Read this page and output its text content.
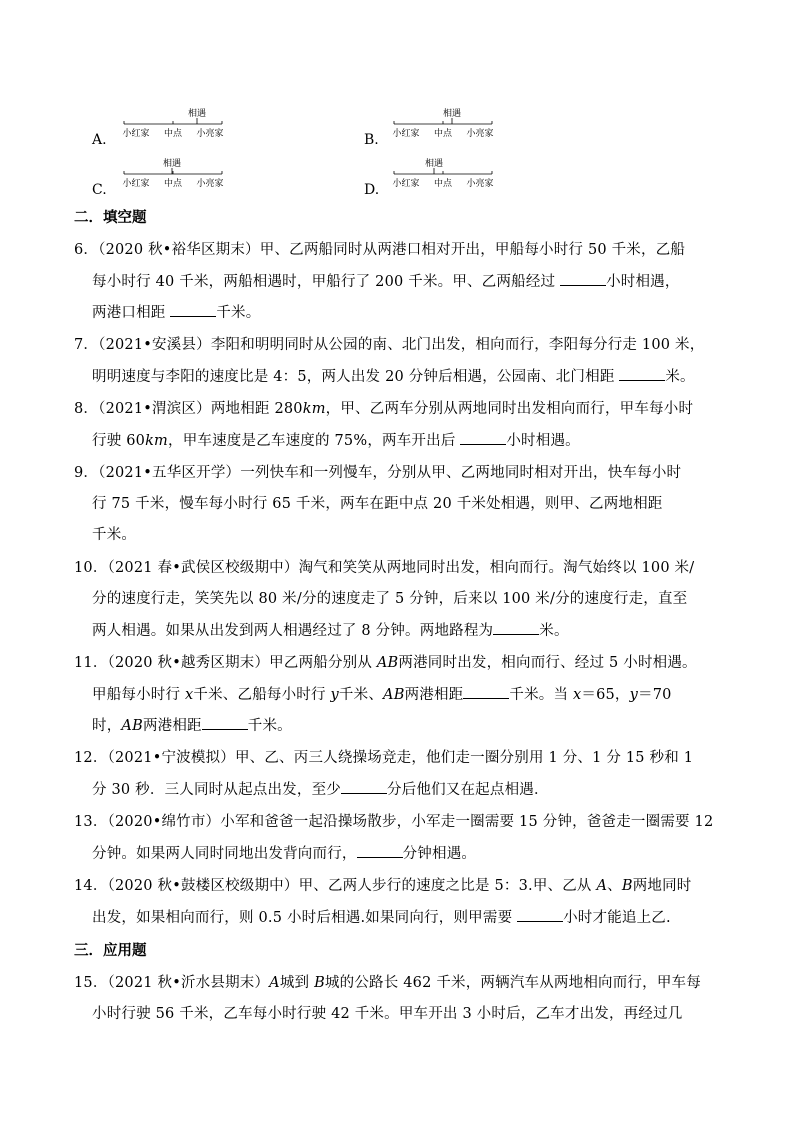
相遇
小红家 中点 小亮家
A.
相遇
小红家 中点 小亮家
B.
相遇
小红家 中点 小亮家
C.
相遇
小红家 中点 小亮家
D.
二．填空题
6．（2020 秋•裕华区期末）甲、乙两船同时从两港口相对开出，甲船每小时行 50 千米，乙船
每小时行 40 千米，两船相遇时，甲船行了 200 千米。甲、乙两船经过	小时相遇，
两港口相距	千米。
7．（2021•安溪县）李阳和明明同时从公园的南、北门出发，相向而行，李阳每分行走 100 米，
明明速度与李阳的速度比是 4：5，两人出发 20 分钟后相遇，公园南、北门相距	米。
8．（2021•渭滨区）两地相距 280km，甲、乙两车分别从两地同时出发相向而行，甲车每小时
行驶 60km，甲车速度是乙车速度的 75%，两车开出后	小时相遇。
9．（2021•五华区开学）一列快车和一列慢车，分别从甲、乙两地同时相对开出，快车每小时
行 75 千米，慢车每小时行 65 千米，两车在距中点 20 千米处相遇，则甲、乙两地相距
千米。
10．（2021 春•武侯区校级期中）淘气和笑笑从两地同时出发，相向而行。淘气始终以 100 米/
分的速度行走，笑笑先以 80 米/分的速度走了 5 分钟，后来以 100 米/分的速度行走，直至
两人相遇。如果从出发到两人相遇经过了 8 分钟。两地路程为	米。
11．（2020 秋•越秀区期末）甲乙两船分别从 AB两港同时出发，相向而行、经过 5 小时相遇。
甲船每小时行 x千米、乙船每小时行 y千米、AB两港相距	千米。当 x＝65，y＝70
时，AB两港相距	千米。
12．（2021•宁波模拟）甲、乙、丙三人绕操场竞走，他们走一圈分别用 1 分、1 分 15 秒和 1
分 30 秒．三人同时从起点出发，至少	分后他们又在起点相遇．
13．（2020•绵竹市）小军和爸爸一起沿操场散步，小军走一圈需要 15 分钟，爸爸走一圈需要 12
分钟。如果两人同时同地出发背向而行，	分钟相遇。
14．（2020 秋•鼓楼区校级期中）甲、乙两人步行的速度之比是 5：3.甲、乙从 A、B两地同时
出发，如果相向而行，则 0.5 小时后相遇.如果同向行，则甲需要	小时才能追上乙.
三．应用题
15．（2021 秋•沂水县期末）A城到 B城的公路长 462 千米，两辆汽车从两地相向而行，甲车每
小时行驶 56 千米，乙车每小时行驶 42 千米。甲车开出 3 小时后，乙车才出发，再经过几
